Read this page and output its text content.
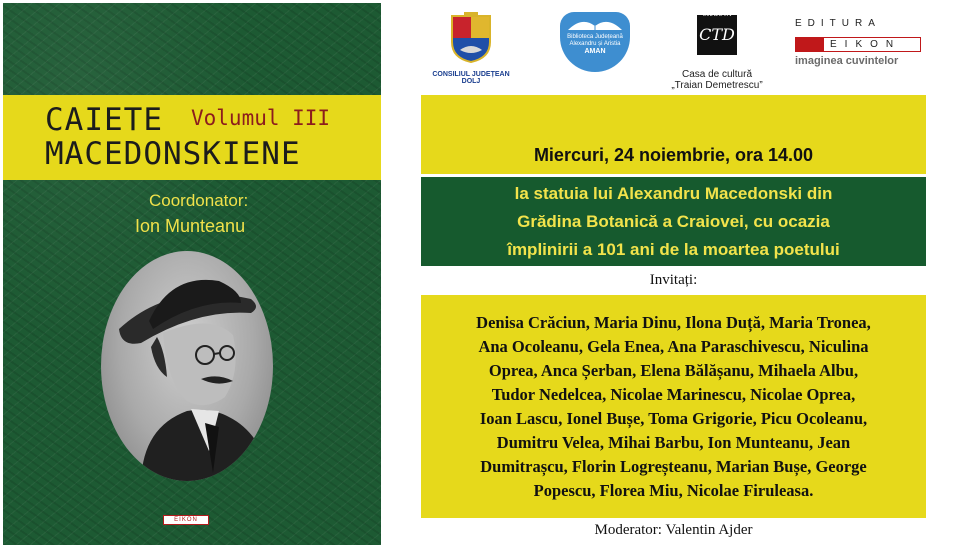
CAIETE
MACEDONSKIENE
Volumul III
Coordonator:
Ion Munteanu
EIKON
CONSILIUL JUDEȚEAN DOLJ
Biblioteca Județeană
Alexandru și Aristia
AMAN
CRAIOVA
CTD
Casa de cultură
„Traian Demetrescu”
EDITURA
EIKON
imaginea cuvintelor
Miercuri, 24 noiembrie, ora 14.00
la statuia lui Alexandru Macedonski din
Grădina Botanică a Craiovei, cu ocazia
împlinirii a 101 ani de la moartea poetului
Invitați:
Denisa Crăciun, Maria Dinu, Ilona Duță, Maria Tronea,
Ana Ocoleanu, Gela Enea, Ana Paraschivescu, Niculina
Oprea, Anca Șerban, Elena Bălășanu, Mihaela Albu,
Tudor Nedelcea, Nicolae Marinescu, Nicolae Oprea,
Ioan Lascu, Ionel Bușe, Toma Grigorie, Picu Ocoleanu,
Dumitru Velea, Mihai Barbu, Ion Munteanu, Jean
Dumitrașcu, Florin Logreșteanu, Marian Bușe, George
Popescu, Florea Miu, Nicolae Firuleasa.
Moderator: Valentin Ajder
